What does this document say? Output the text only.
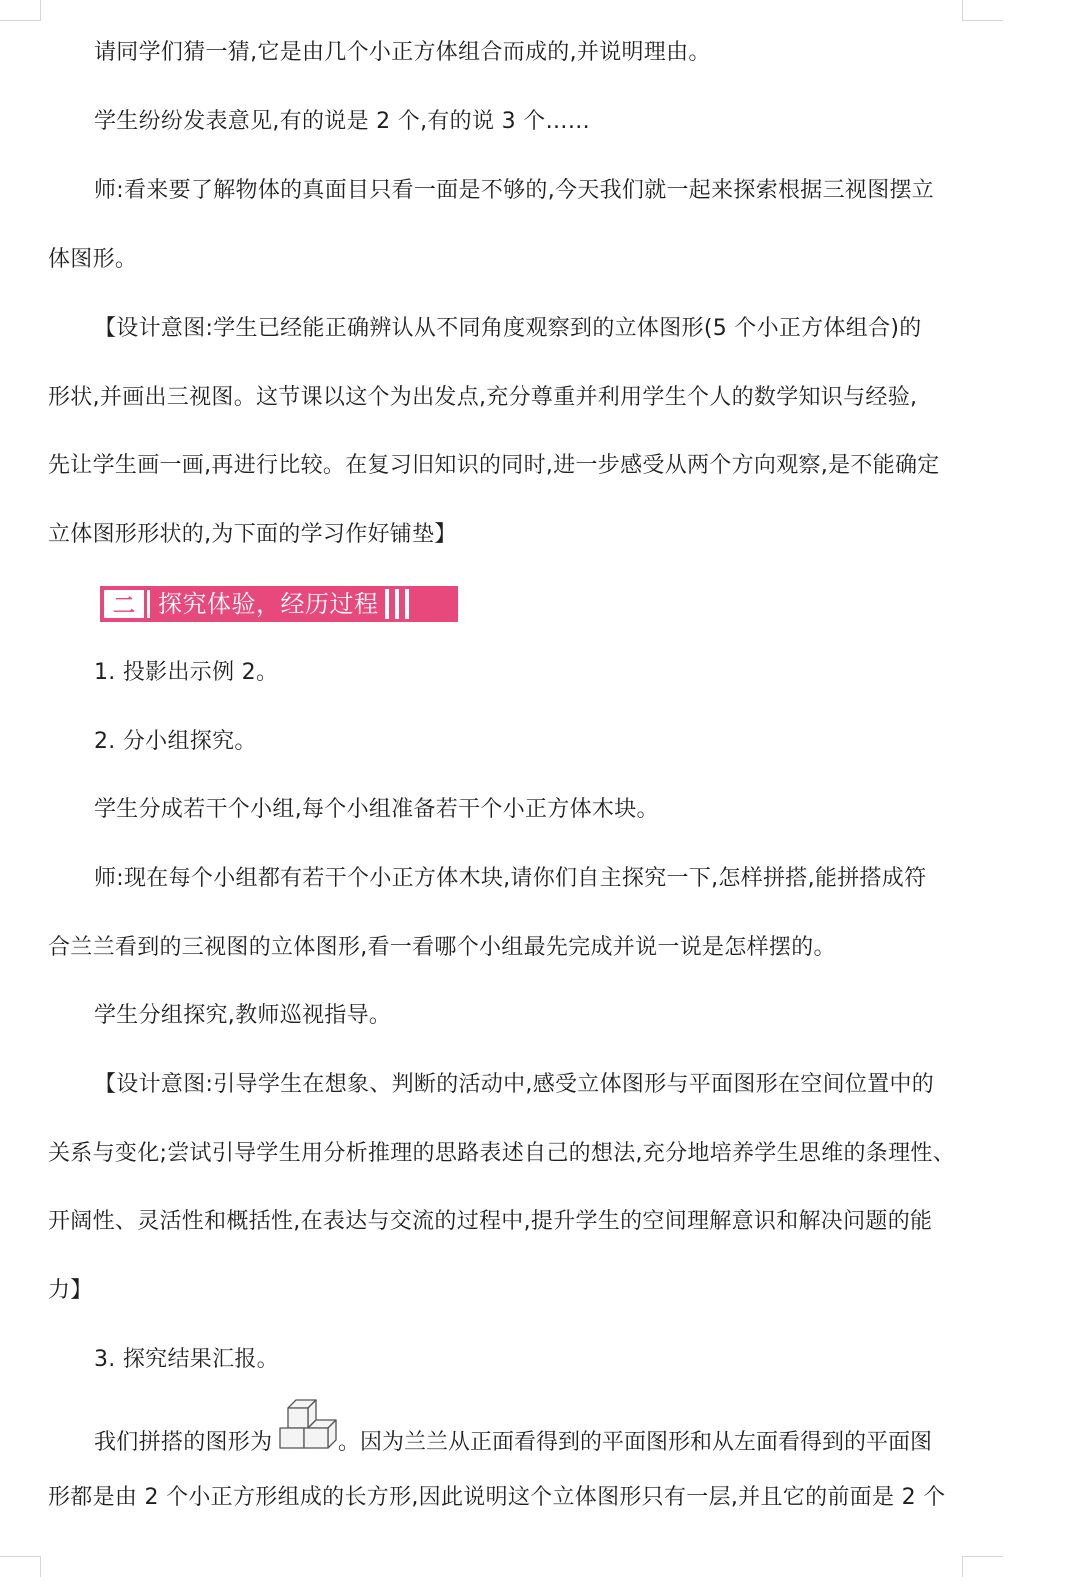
请同学们猜一猜,它是由几个小正方体组合而成的,并说明理由。
学生纷纷发表意见,有的说是 2 个,有的说 3 个……
师:看来要了解物体的真面目只看一面是不够的,今天我们就一起来探索根据三视图摆立
体图形。
【设计意图:学生已经能正确辨认从不同角度观察到的立体图形(5 个小正方体组合)的
形状,并画出三视图。这节课以这个为出发点,充分尊重并利用学生个人的数学知识与经验,
先让学生画一画,再进行比较。在复习旧知识的同时,进一步感受从两个方向观察,是不能确定
立体图形形状的,为下面的学习作好铺垫】
二 探究体验，经历过程
1. 投影出示例 2。
2. 分小组探究。
学生分成若干个小组,每个小组准备若干个小正方体木块。
师:现在每个小组都有若干个小正方体木块,请你们自主探究一下,怎样拼搭,能拼搭成符
合兰兰看到的三视图的立体图形,看一看哪个小组最先完成并说一说是怎样摆的。
学生分组探究,教师巡视指导。
【设计意图:引导学生在想象、判断的活动中,感受立体图形与平面图形在空间位置中的
关系与变化;尝试引导学生用分析推理的思路表述自己的想法,充分地培养学生思维的条理性、
开阔性、灵活性和概括性,在表达与交流的过程中,提升学生的空间理解意识和解决问题的能
力】
3. 探究结果汇报。
我们拼搭的图形为	。因为兰兰从正面看得到的平面图形和从左面看得到的平面图
形都是由 2 个小正方形组成的长方形,因此说明这个立体图形只有一层,并且它的前面是 2 个
